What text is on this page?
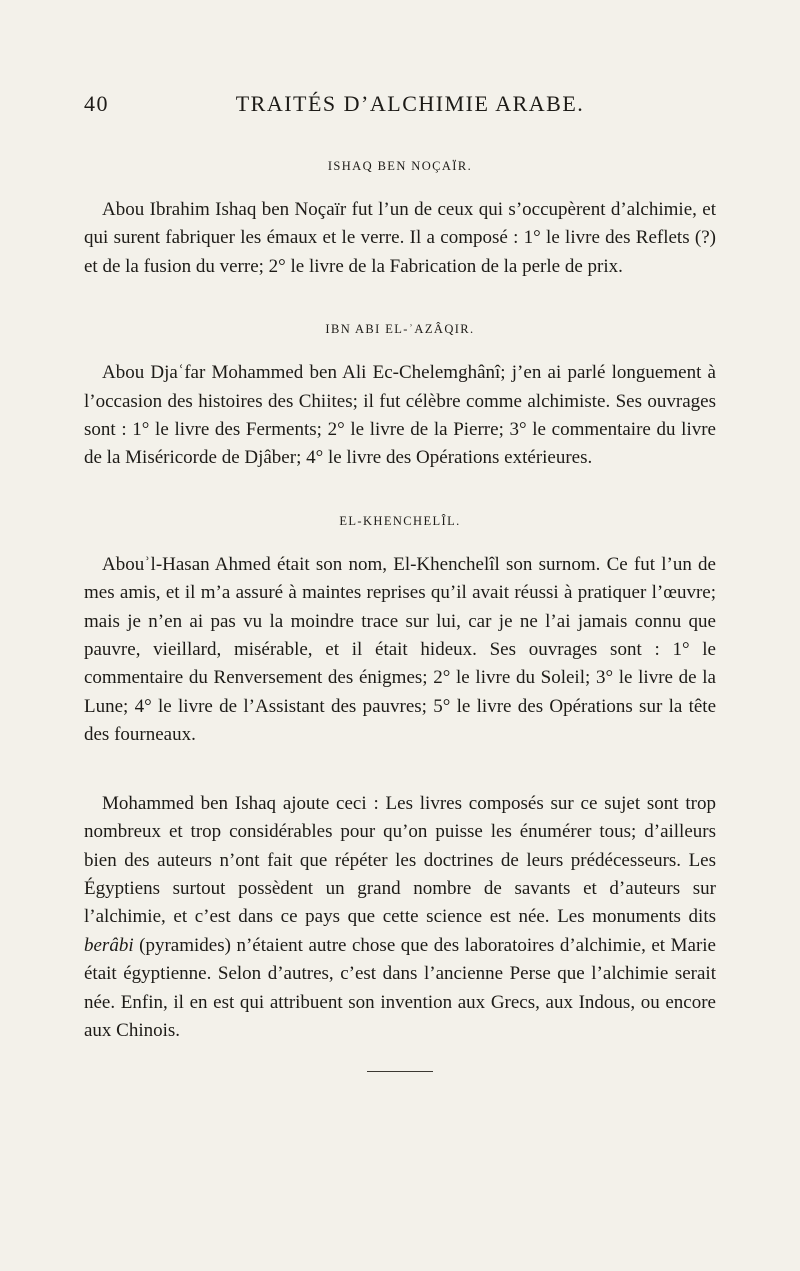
40	TRAITÉS D’ALCHIMIE ARABE.
ISHAQ BEN NOÇAÏR.

Abou Ibrahim Ishaq ben Noçaïr fut l’un de ceux qui s’occupèrent d’alchimie, et qui surent fabriquer les émaux et le verre. Il a composé : 1° le livre des Reflets (?) et de la fusion du verre; 2° le livre de la Fabrication de la perle de prix.

IBN ABI EL-ʾAZÂQIR.

Abou Djaʿfar Mohammed ben Ali Ec-Chelemghânî; j’en ai parlé longuement à l’occasion des histoires des Chiites; il fut célèbre comme alchimiste. Ses ouvrages sont : 1° le livre des Ferments; 2° le livre de la Pierre; 3° le commentaire du livre de la Miséricorde de Djâber; 4° le livre des Opérations extérieures.

EL-KHENCHELÎL.

Abouʾl-Hasan Ahmed était son nom, El-Khenchelîl son surnom. Ce fut l’un de mes amis, et il m’a assuré à maintes reprises qu’il avait réussi à pratiquer l’œuvre; mais je n’en ai pas vu la moindre trace sur lui, car je ne l’ai jamais connu que pauvre, vieillard, misérable, et il était hideux. Ses ouvrages sont : 1° le commentaire du Renversement des énigmes; 2° le livre du Soleil; 3° le livre de la Lune; 4° le livre de l’Assistant des pauvres; 5° le livre des Opérations sur la tête des fourneaux.

Mohammed ben Ishaq ajoute ceci : Les livres composés sur ce sujet sont trop nombreux et trop considérables pour qu’on puisse les énumérer tous; d’ailleurs bien des auteurs n’ont fait que répéter les doctrines de leurs prédécesseurs. Les Égyptiens surtout possèdent un grand nombre de savants et d’auteurs sur l’alchimie, et c’est dans ce pays que cette science est née. Les monuments dits berâbi (pyramides) n’étaient autre chose que des laboratoires d’alchimie, et Marie était égyptienne. Selon d’autres, c’est dans l’ancienne Perse que l’alchimie serait née. Enfin, il en est qui attribuent son invention aux Grecs, aux Indous, ou encore aux Chinois.
